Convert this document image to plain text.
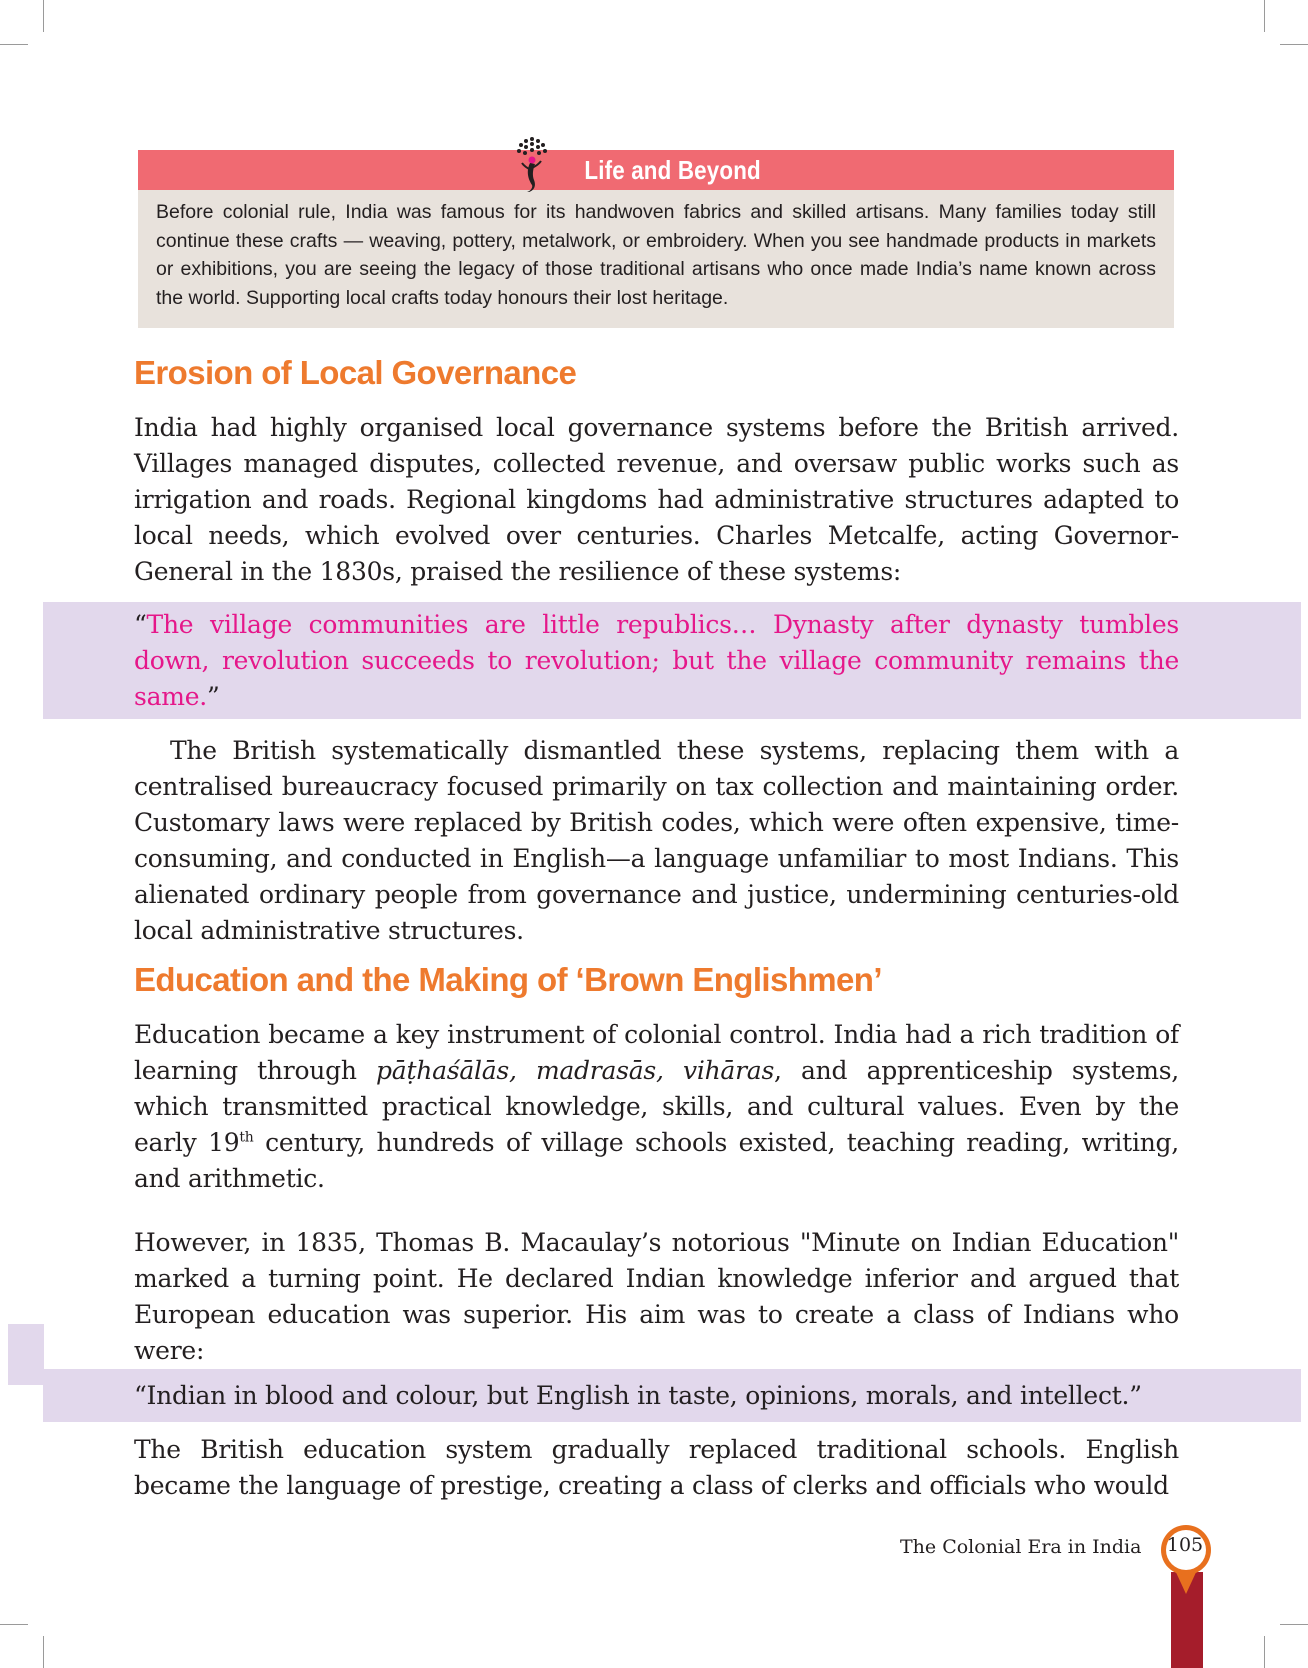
Life and Beyond
Before colonial rule, India was famous for its handwoven fabrics and skilled artisans. Many families today still continue these crafts — weaving, pottery, metalwork, or embroidery. When you see handmade products in markets or exhibitions, you are seeing the legacy of those traditional artisans who once made India’s name known across the world. Supporting local crafts today honours their lost heritage.
Erosion of Local Governance

India had highly organised local governance systems before the British arrived. Villages managed disputes, collected revenue, and oversaw public works such as irrigation and roads. Regional kingdoms had administrative structures adapted to local needs, which evolved over centuries. Charles Metcalfe, acting Governor-General in the 1830s, praised the resilience of these systems:

“The village communities are little republics… Dynasty after dynasty tumbles down, revolution succeeds to revolution; but the village community remains the same.”

The British systematically dismantled these systems, replacing them with a centralised bureaucracy focused primarily on tax collection and maintaining order. Customary laws were replaced by British codes, which were often expensive, time-consuming, and conducted in English—a language unfamiliar to most Indians. This alienated ordinary people from governance and justice, undermining centuries-old local administrative structures.

Education and the Making of ‘Brown Englishmen’

Education became a key instrument of colonial control. India had a rich tradition of learning through pāṭhaśālās, madrasās, vihāras, and apprenticeship systems, which transmitted practical knowledge, skills, and cultural values. Even by the early 19th century, hundreds of village schools existed, teaching reading, writing, and arithmetic.

However, in 1835, Thomas B. Macaulay’s notorious "Minute on Indian Education" marked a turning point. He declared Indian knowledge inferior and argued that European education was superior. His aim was to create a class of Indians who were:

“Indian in blood and colour, but English in taste, opinions, morals, and intellect.”

The British education system gradually replaced traditional schools. English became the language of prestige, creating a class of clerks and officials who would

The Colonial Era in India 105
